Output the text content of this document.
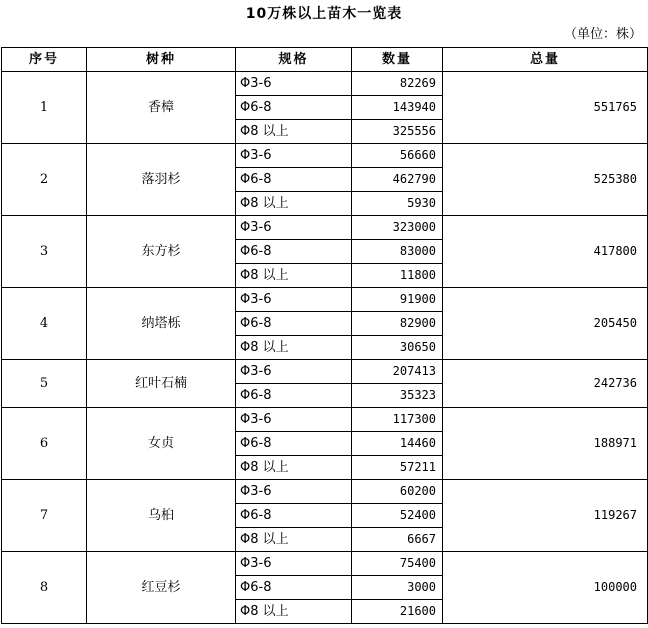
10万株以上苗木一览表
（单位：株）
序号	树种	规格	数量	总量
1	香樟	Φ3-6	82269	551765
		Φ6-8	143940	
		Φ8 以上	325556	
2	落羽杉	Φ3-6	56660	525380
		Φ6-8	462790	
		Φ8 以上	5930	
3	东方杉	Φ3-6	323000	417800
		Φ6-8	83000	
		Φ8 以上	11800	
4	纳塔栎	Φ3-6	91900	205450
		Φ6-8	82900	
		Φ8 以上	30650	
5	红叶石楠	Φ3-6	207413	242736
		Φ6-8	35323	
6	女贞	Φ3-6	117300	188971
		Φ6-8	14460	
		Φ8 以上	57211	
7	乌桕	Φ3-6	60200	119267
		Φ6-8	52400	
		Φ8 以上	6667	
8	红豆杉	Φ3-6	75400	100000
		Φ6-8	3000	
		Φ8 以上	21600	
